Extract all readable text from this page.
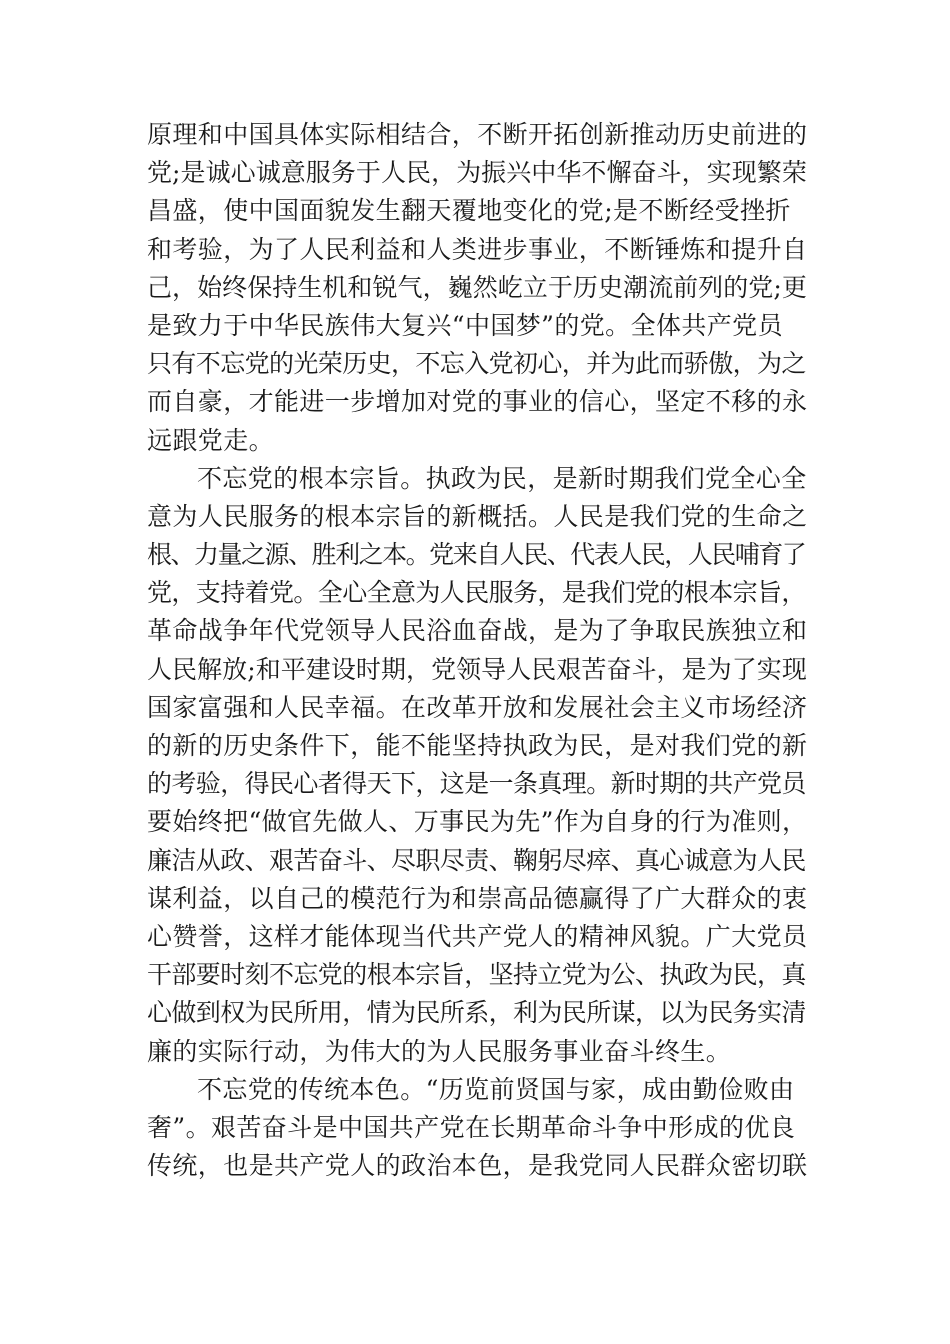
原理和中国具体实际相结合，不断开拓创新推动历史前进的
党;是诚心诚意服务于人民，为振兴中华不懈奋斗，实现繁荣
昌盛，使中国面貌发生翻天覆地变化的党;是不断经受挫折
和考验，为了人民利益和人类进步事业，不断锤炼和提升自
己，始终保持生机和锐气，巍然屹立于历史潮流前列的党;更
是致力于中华民族伟大复兴“中国梦”的党。全体共产党员
只有不忘党的光荣历史，不忘入党初心，并为此而骄傲，为之
而自豪，才能进一步增加对党的事业的信心，坚定不移的永
远跟党走。
不忘党的根本宗旨。执政为民，是新时期我们党全心全
意为人民服务的根本宗旨的新概括。人民是我们党的生命之
根、力量之源、胜利之本。党来自人民、代表人民，人民哺育了
党，支持着党。全心全意为人民服务，是我们党的根本宗旨，
革命战争年代党领导人民浴血奋战，是为了争取民族独立和
人民解放;和平建设时期，党领导人民艰苦奋斗，是为了实现
国家富强和人民幸福。在改革开放和发展社会主义市场经济
的新的历史条件下，能不能坚持执政为民，是对我们党的新
的考验，得民心者得天下，这是一条真理。新时期的共产党员
要始终把“做官先做人、万事民为先”作为自身的行为准则，
廉洁从政、艰苦奋斗、尽职尽责、鞠躬尽瘁、真心诚意为人民
谋利益，以自己的模范行为和崇高品德赢得了广大群众的衷
心赞誉，这样才能体现当代共产党人的精神风貌。广大党员
干部要时刻不忘党的根本宗旨，坚持立党为公、执政为民，真
心做到权为民所用，情为民所系，利为民所谋，以为民务实清
廉的实际行动，为伟大的为人民服务事业奋斗终生。
不忘党的传统本色。“历览前贤国与家，成由勤俭败由
奢”。艰苦奋斗是中国共产党在长期革命斗争中形成的优良
传统，也是共产党人的政治本色，是我党同人民群众密切联
